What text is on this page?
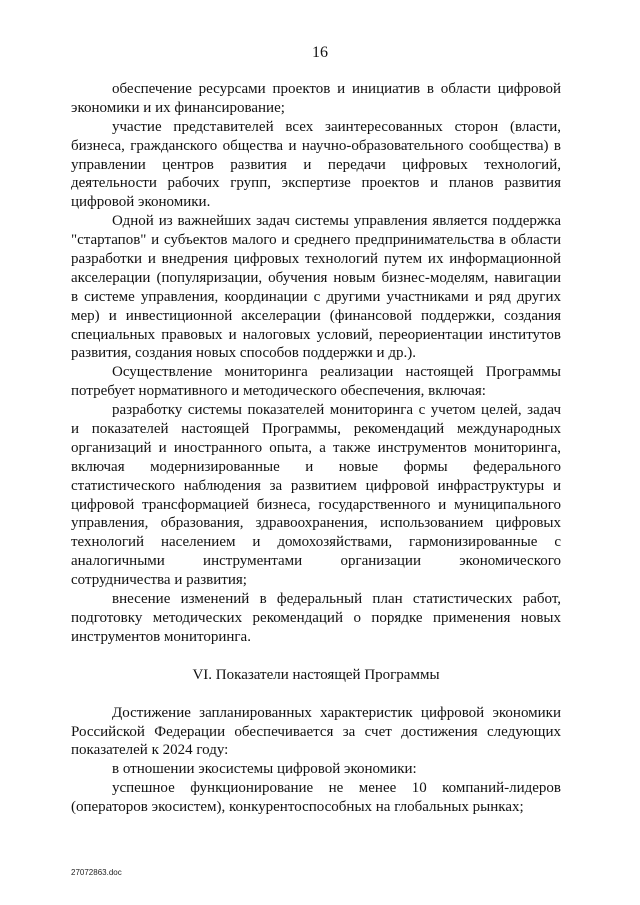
16
обеспечение ресурсами проектов и инициатив в области цифровой
экономики и их финансирование;
участие представителей всех заинтересованных сторон (власти,
бизнеса, гражданского общества и научно-образовательного сообщества) в
управлении центров развития и передачи цифровых технологий,
деятельности рабочих групп, экспертизе проектов и планов развития
цифровой экономики.
Одной из важнейших задач системы управления является поддержка
"стартапов" и субъектов малого и среднего предпринимательства в области
разработки и внедрения цифровых технологий путем их информационной
акселерации (популяризации, обучения новым бизнес-моделям, навигации
в системе управления, координации с другими участниками и ряд других
мер) и инвестиционной акселерации (финансовой поддержки, создания
специальных правовых и налоговых условий, переориентации институтов
развития, создания новых способов поддержки и др.).
Осуществление мониторинга реализации настоящей Программы
потребует нормативного и методического обеспечения, включая:
разработку системы показателей мониторинга с учетом целей, задач
и показателей настоящей Программы, рекомендаций международных
организаций и иностранного опыта, а также инструментов мониторинга,
включая модернизированные и новые формы федерального
статистического наблюдения за развитием цифровой инфраструктуры и
цифровой трансформацией бизнеса, государственного и муниципального
управления, образования, здравоохранения, использованием цифровых
технологий населением и домохозяйствами, гармонизированные с
аналогичными инструментами организации экономического
сотрудничества и развития;
внесение изменений в федеральный план статистических работ,
подготовку методических рекомендаций о порядке применения новых
инструментов мониторинга.
VI. Показатели настоящей Программы
Достижение запланированных характеристик цифровой экономики
Российской Федерации обеспечивается за счет достижения следующих
показателей к 2024 году:
в отношении экосистемы цифровой экономики:
успешное функционирование не менее 10 компаний-лидеров
(операторов экосистем), конкурентоспособных на глобальных рынках;
27072863.doc
